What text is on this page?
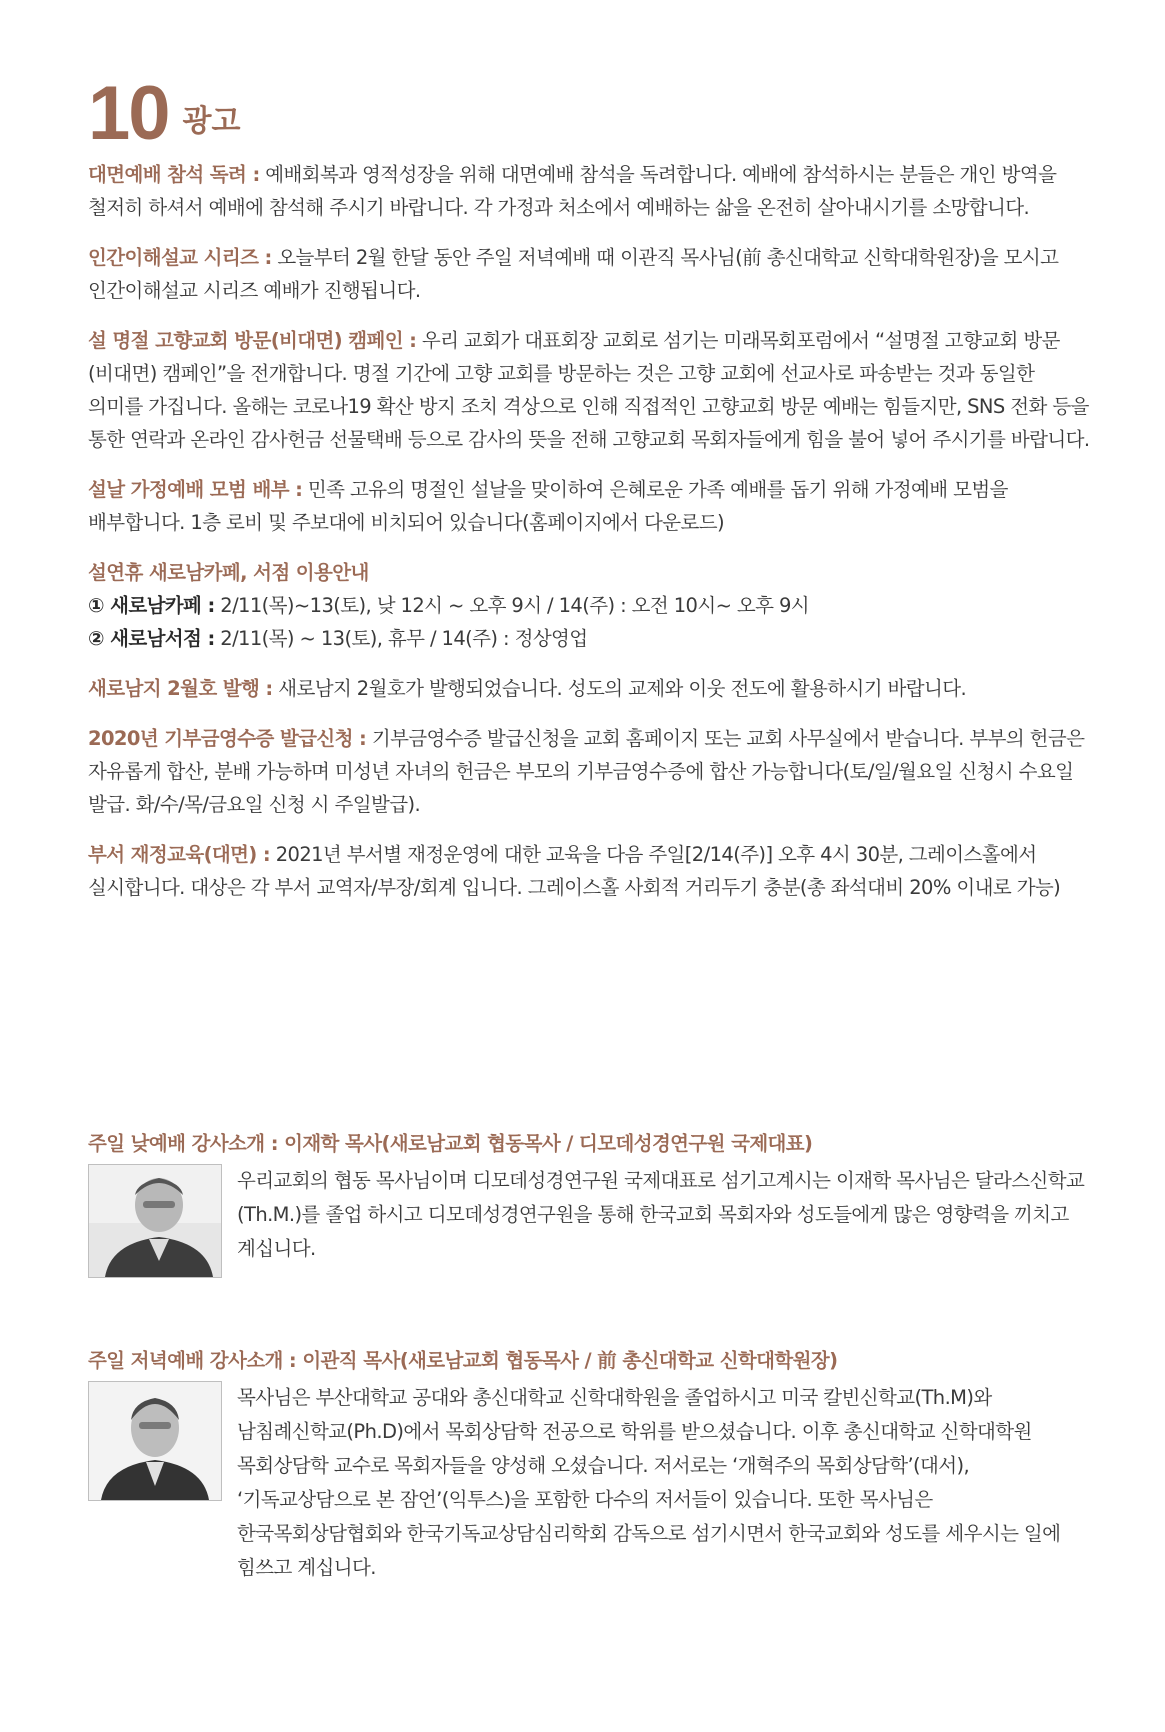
10 광고

대면예배 참석 독려 : 예배회복과 영적성장을 위해 대면예배 참석을 독려합니다. 예배에 참석하시는 분들은 개인 방역을 철저히 하셔서 예배에 참석해 주시기 바랍니다. 각 가정과 처소에서 예배하는 삶을 온전히 살아내시기를 소망합니다.

인간이해설교 시리즈 : 오늘부터 2월 한달 동안 주일 저녁예배 때 이관직 목사님(前 총신대학교 신학대학원장)을 모시고 인간이해설교 시리즈 예배가 진행됩니다.

설 명절 고향교회 방문(비대면) 캠페인 : 우리 교회가 대표회장 교회로 섬기는 미래목회포럼에서 “설명절 고향교회 방문(비대면) 캠페인”을 전개합니다. 명절 기간에 고향 교회를 방문하는 것은 고향 교회에 선교사로 파송받는 것과 동일한 의미를 가집니다. 올해는 코로나19 확산 방지 조치 격상으로 인해 직접적인 고향교회 방문 예배는 힘들지만, SNS 전화 등을 통한 연락과 온라인 감사헌금 선물택배 등으로 감사의 뜻을 전해 고향교회 목회자들에게 힘을 불어 넣어 주시기를 바랍니다.

설날 가정예배 모범 배부 : 민족 고유의 명절인 설날을 맞이하여 은혜로운 가족 예배를 돕기 위해 가정예배 모범을 배부합니다. 1층 로비 및 주보대에 비치되어 있습니다(홈페이지에서 다운로드)

설연휴 새로남카페, 서점 이용안내
① 새로남카페 : 2/11(목)~13(토), 낮 12시 ~ 오후 9시 / 14(주) : 오전 10시~ 오후 9시
② 새로남서점 : 2/11(목) ~ 13(토), 휴무 / 14(주) : 정상영업

새로남지 2월호 발행 : 새로남지 2월호가 발행되었습니다. 성도의 교제와 이웃 전도에 활용하시기 바랍니다.

2020년 기부금영수증 발급신청 : 기부금영수증 발급신청을 교회 홈페이지 또는 교회 사무실에서 받습니다. 부부의 헌금은 자유롭게 합산, 분배 가능하며 미성년 자녀의 헌금은 부모의 기부금영수증에 합산 가능합니다(토/일/월요일 신청시 수요일 발급. 화/수/목/금요일 신청 시 주일발급).

부서 재정교육(대면) : 2021년 부서별 재정운영에 대한 교육을 다음 주일[2/14(주)] 오후 4시 30분, 그레이스홀에서 실시합니다. 대상은 각 부서 교역자/부장/회계 입니다. 그레이스홀 사회적 거리두기 충분(총 좌석대비 20% 이내로 가능)

주일 낮예배 강사소개 : 이재학 목사(새로남교회 협동목사 / 디모데성경연구원 국제대표)
우리교회의 협동 목사님이며 디모데성경연구원 국제대표로 섬기고계시는 이재학 목사님은 달라스신학교(Th.M.)를 졸업 하시고 디모데성경연구원을 통해 한국교회 목회자와 성도들에게 많은 영향력을 끼치고 계십니다.
주일 저녁예배 강사소개 : 이관직 목사(새로남교회 협동목사 / 前 총신대학교 신학대학원장)
목사님은 부산대학교 공대와 총신대학교 신학대학원을 졸업하시고 미국 칼빈신학교(Th.M)와 남침례신학교(Ph.D)에서 목회상담학 전공으로 학위를 받으셨습니다. 이후 총신대학교 신학대학원 목회상담학 교수로 목회자들을 양성해 오셨습니다. 저서로는 ‘개혁주의 목회상담학’(대서), ‘기독교상담으로 본 잠언’(익투스)을 포함한 다수의 저서들이 있습니다. 또한 목사님은 한국목회상담협회와 한국기독교상담심리학회 감독으로 섬기시면서 한국교회와 성도를 세우시는 일에 힘쓰고 계십니다.
